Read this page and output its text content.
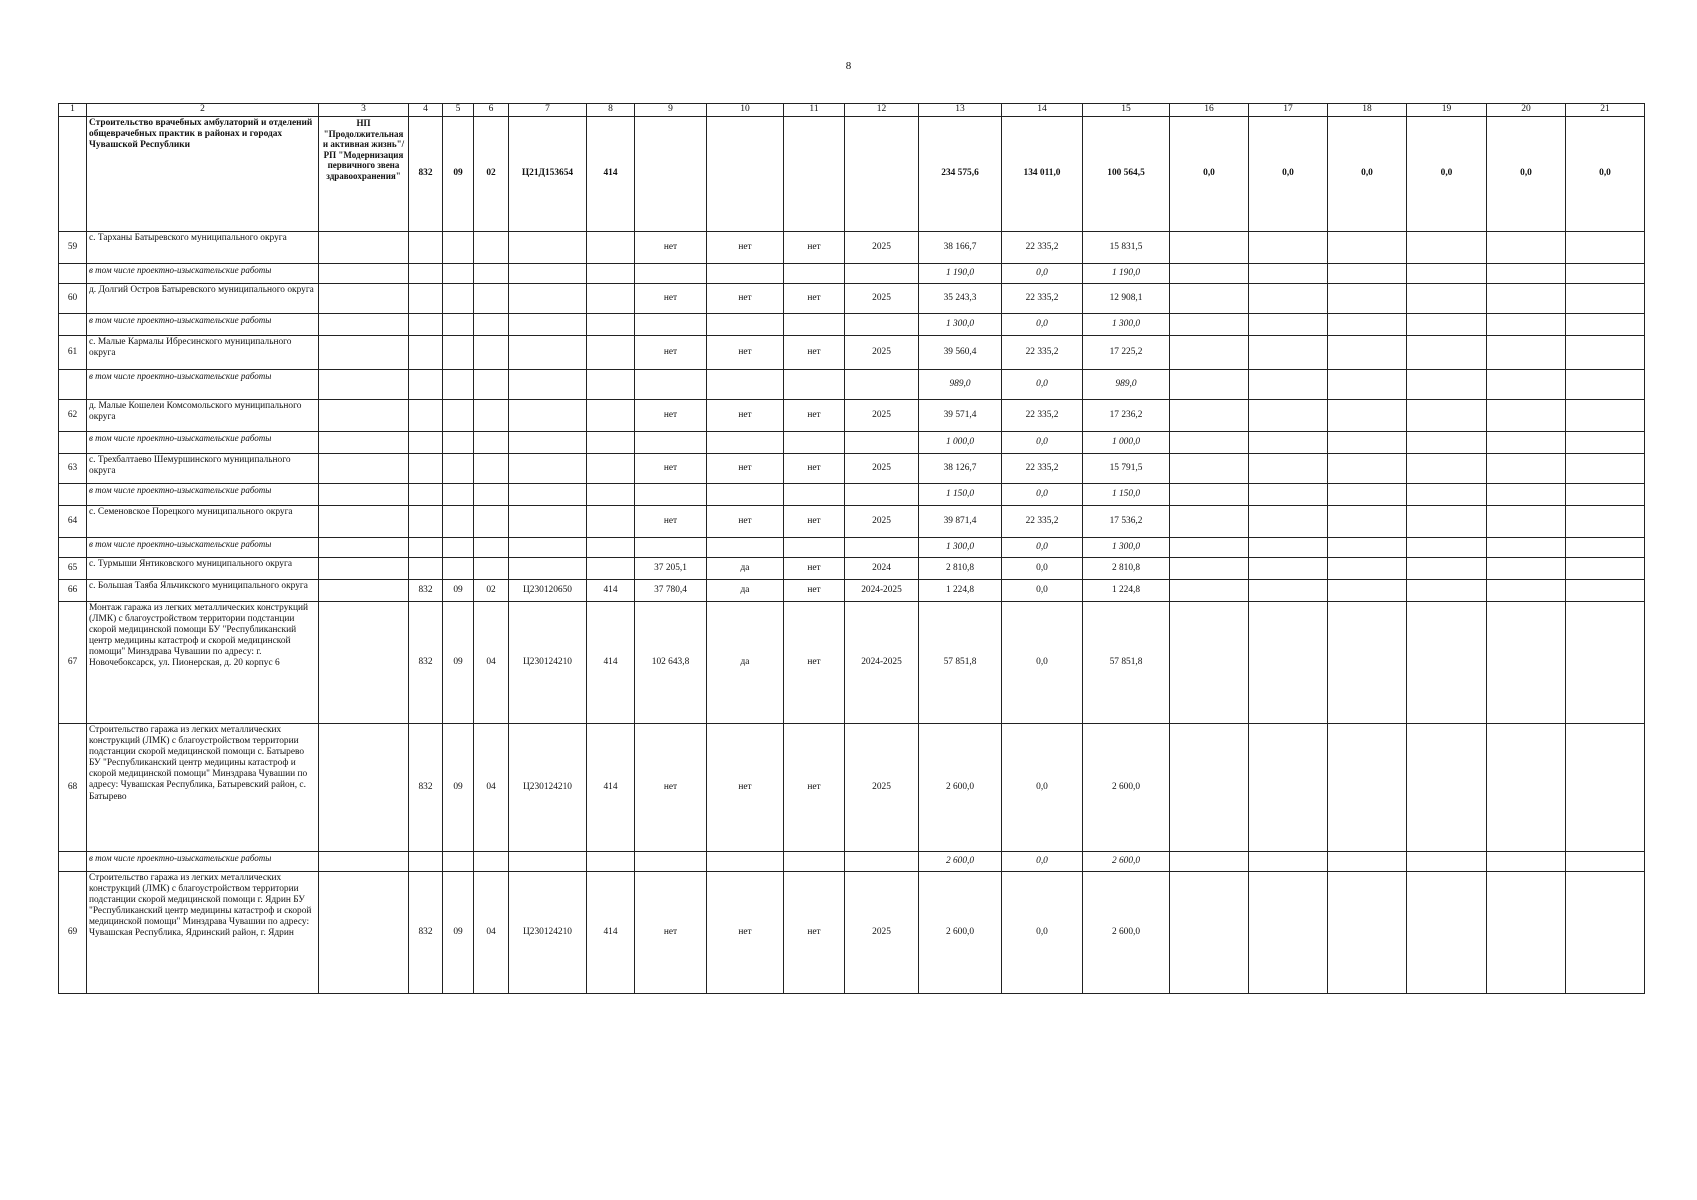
8
1	2	3	4	5	6	7	8	9	10	11	12	13	14	15	16	17	18	19	20	21
	Строительство врачебных амбулаторий и отделений общеврачебных практик в районах и городах Чувашской Республики	НП "Продолжительная и активная жизнь"/ РП "Модернизация первичного звена здравоохранения"	832	09	02	Ц21Д153654	414					234 575,6	134 011,0	100 564,5	0,0	0,0	0,0	0,0	0,0	0,0
59	с. Тарханы Батыревского муниципального округа							нет	нет	нет	2025	38 166,7	22 335,2	15 831,5						
	в том числе проектно-изыскательские работы											1 190,0	0,0	1 190,0						
60	д. Долгий Остров Батыревского муниципального округа							нет	нет	нет	2025	35 243,3	22 335,2	12 908,1						
	в том числе проектно-изыскательские работы											1 300,0	0,0	1 300,0						
61	с. Малые Кармалы Ибресинского муниципального округа							нет	нет	нет	2025	39 560,4	22 335,2	17 225,2						
	в том числе проектно-изыскательские работы											989,0	0,0	989,0						
62	д. Малые Кошелеи Комсомольского муниципального округа							нет	нет	нет	2025	39 571,4	22 335,2	17 236,2						
	в том числе проектно-изыскательские работы											1 000,0	0,0	1 000,0						
63	с. Трехбалтаево Шемуршинского муниципального округа							нет	нет	нет	2025	38 126,7	22 335,2	15 791,5						
	в том числе проектно-изыскательские работы											1 150,0	0,0	1 150,0						
64	с. Семеновское Порецкого муниципального округа							нет	нет	нет	2025	39 871,4	22 335,2	17 536,2						
	в том числе проектно-изыскательские работы											1 300,0	0,0	1 300,0						
65	с. Турмыши Янтиковского муниципального округа							37 205,1	да	нет	2024	2 810,8	0,0	2 810,8						
66	с. Большая Таяба Яльчикского муниципального округа		832	09	02	Ц230120650	414	37 780,4	да	нет	2024-2025	1 224,8	0,0	1 224,8						
67	Монтаж гаража из легких металлических конструкций (ЛМК) с благоустройством территории подстанции скорой медицинской помощи БУ "Республиканский центр медицины катастроф и скорой медицинской помощи" Минздрава Чувашии по адресу: г. Новочебоксарск, ул. Пионерская, д. 20 корпус 6		832	09	04	Ц230124210	414	102 643,8	да	нет	2024-2025	57 851,8	0,0	57 851,8						
68	Строительство гаража из легких металлических конструкций (ЛМК) с благоустройством территории подстанции скорой медицинской помощи с. Батырево БУ "Республиканский центр медицины катастроф и скорой медицинской помощи" Минздрава Чувашии по адресу: Чувашская Республика, Батыревский район, с. Батырево		832	09	04	Ц230124210	414	нет	нет	нет	2025	2 600,0	0,0	2 600,0						
	в том числе проектно-изыскательские работы											2 600,0	0,0	2 600,0						
69	Строительство гаража из легких металлических конструкций (ЛМК) с благоустройством территории подстанции скорой медицинской помощи г. Ядрин БУ "Республиканский центр медицины катастроф и скорой медицинской помощи" Минздрава Чувашии по адресу: Чувашская Республика, Ядринский район, г. Ядрин		832	09	04	Ц230124210	414	нет	нет	нет	2025	2 600,0	0,0	2 600,0						
